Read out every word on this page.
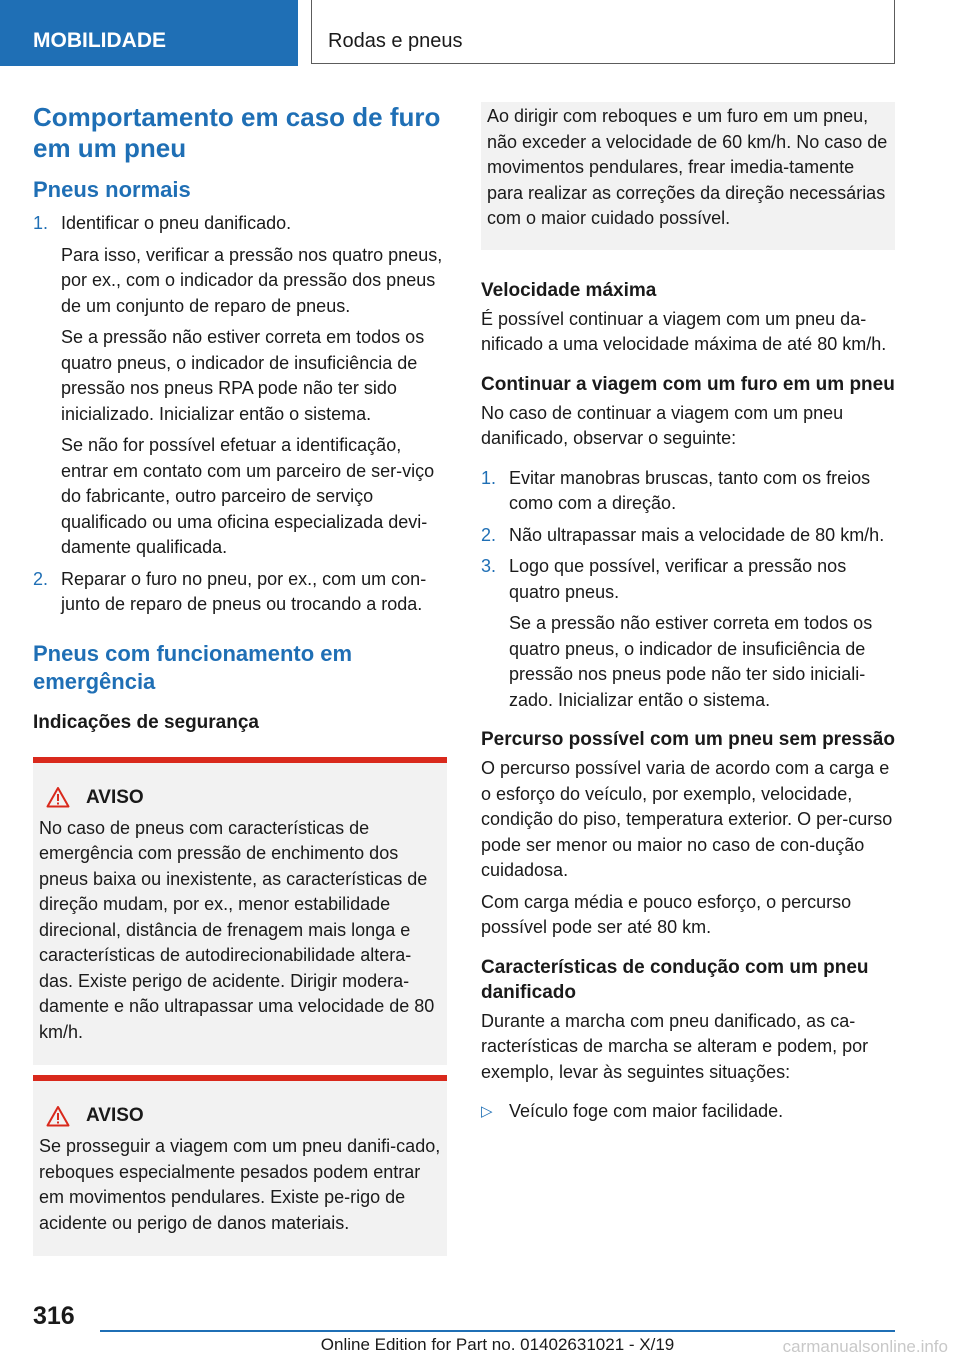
MOBILIDADE	Rodas e pneus
Comportamento em caso de furo em um pneu
Pneus normais
1. Identificar o pneu danificado.

Para isso, verificar a pressão nos quatro pneus, por ex., com o indicador da pressão dos pneus de um conjunto de reparo de pneus.

Se a pressão não estiver correta em todos os quatro pneus, o indicador de insuficiência de pressão nos pneus RPA pode não ter sido inicializado. Inicializar então o sistema.

Se não for possível efetuar a identificação, entrar em contato com um parceiro de ser-viço do fabricante, outro parceiro de serviço qualificado ou uma oficina especializada devi-damente qualificada.

2. Reparar o furo no pneu, por ex., com um con-junto de reparo de pneus ou trocando a roda.

Pneus com funcionamento em emergência
Indicações de segurança
AVISO

No caso de pneus com características de emergência com pressão de enchimento dos pneus baixa ou inexistente, as características de direção mudam, por ex., menor estabilidade direcional, distância de frenagem mais longa e características de autodirecionabilidade altera-das. Existe perigo de acidente. Dirigir modera-damente e não ultrapassar uma velocidade de 80 km/h.

AVISO

Se prosseguir a viagem com um pneu danifi-cado, reboques especialmente pesados podem entrar em movimentos pendulares. Existe pe-rigo de acidente ou perigo de danos materiais.

Ao dirigir com reboques e um furo em um pneu, não exceder a velocidade de 60 km/h. No caso de movimentos pendulares, frear imedia-tamente para realizar as correções da direção necessárias com o maior cuidado possível.

Velocidade máxima

É possível continuar a viagem com um pneu da-nificado a uma velocidade máxima de até 80 km/h.

Continuar a viagem com um furo em um pneu

No caso de continuar a viagem com um pneu danificado, observar o seguinte:

1. Evitar manobras bruscas, tanto com os freios como com a direção.

2. Não ultrapassar mais a velocidade de 80 km/h.

3. Logo que possível, verificar a pressão nos quatro pneus.

Se a pressão não estiver correta em todos os quatro pneus, o indicador de insuficiência de pressão nos pneus pode não ter sido iniciali-zado. Inicializar então o sistema.

Percurso possível com um pneu sem pressão

O percurso possível varia de acordo com a carga e o esforço do veículo, por exemplo, velocidade, condição do piso, temperatura exterior. O per-curso pode ser menor ou maior no caso de con-dução cuidadosa.

Com carga média e pouco esforço, o percurso possível pode ser até 80 km.

Características de condução com um pneu danificado

Durante a marcha com pneu danificado, as ca-racterísticas de marcha se alteram e podem, por exemplo, levar às seguintes situações:

▷ Veículo foge com maior facilidade.

316
Online Edition for Part no. 01402631021 - X/19	carmanualsonline.info
